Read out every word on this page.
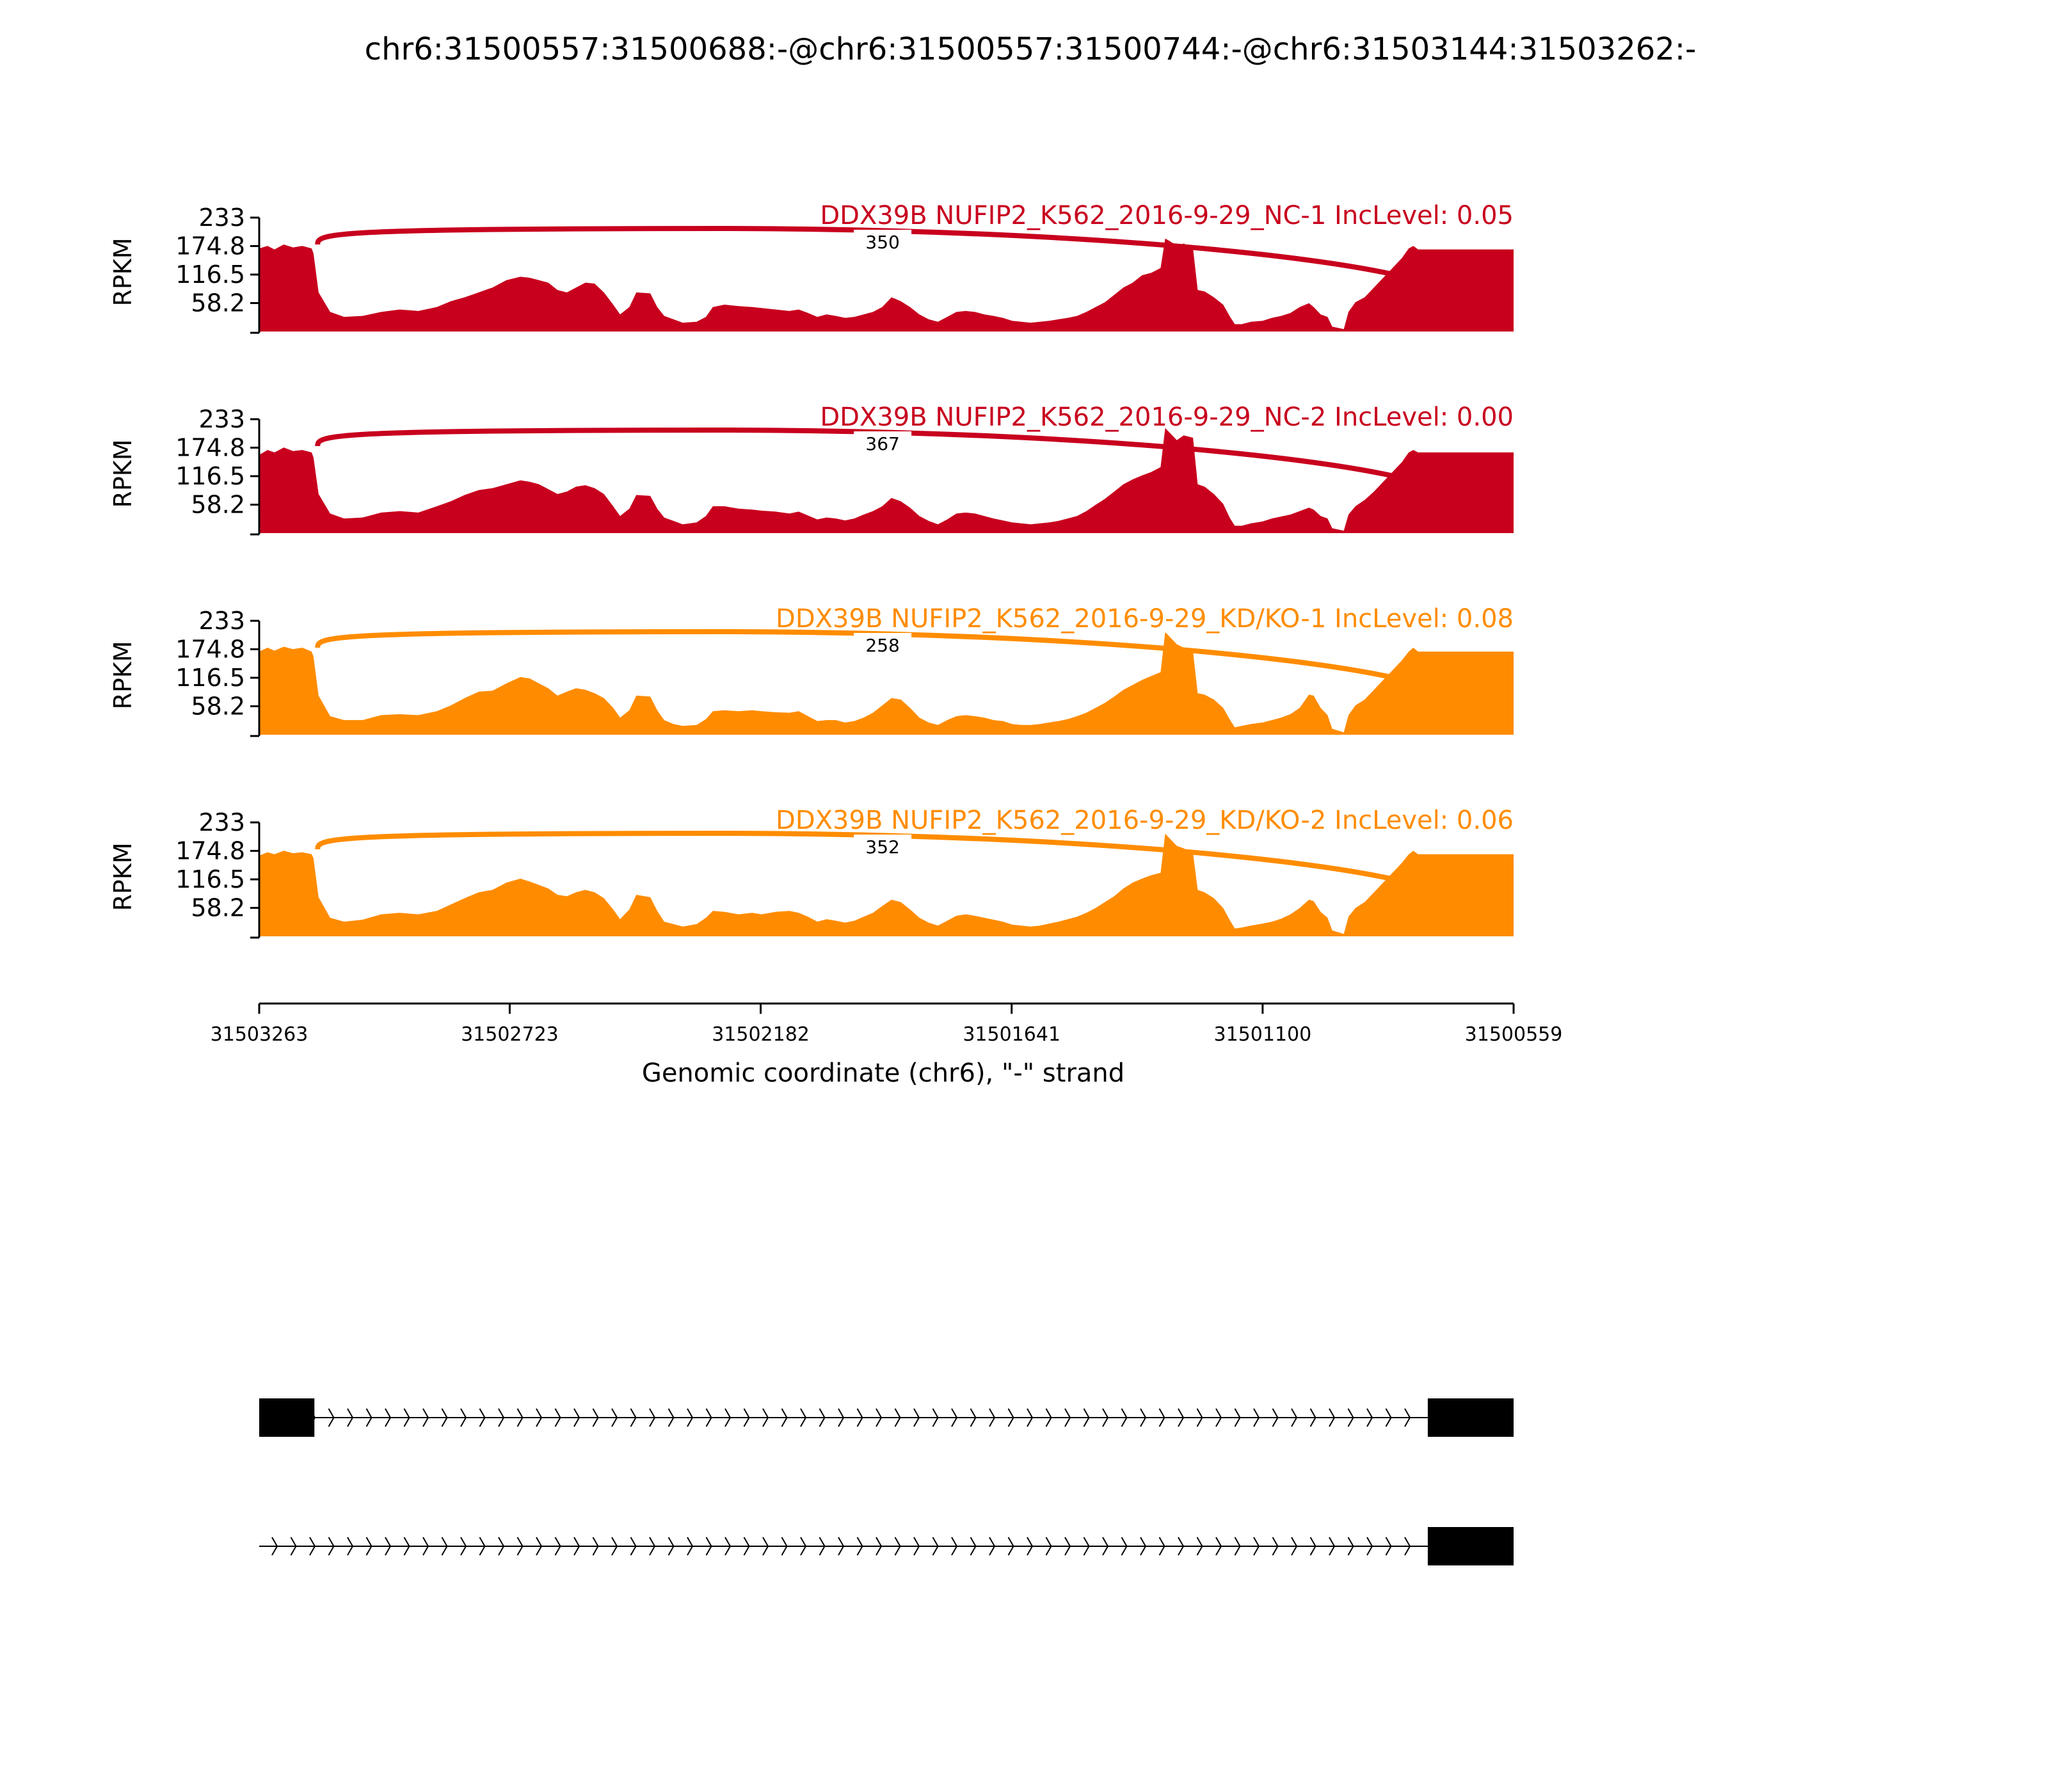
chr6:31500557:31500688:-@chr6:31500557:31500744:-@chr6:31503144:31503262:-
350
DDX39B NUFIP2_K562_2016-9-29_NC-1 IncLevel: 0.05
58.2
116.5
174.8
233
RPKM
367
DDX39B NUFIP2_K562_2016-9-29_NC-2 IncLevel: 0.00
58.2
116.5
174.8
233
RPKM
258
DDX39B NUFIP2_K562_2016-9-29_KD/KO-1 IncLevel: 0.08
58.2
116.5
174.8
233
RPKM
352
DDX39B NUFIP2_K562_2016-9-29_KD/KO-2 IncLevel: 0.06
58.2
116.5
174.8
233
RPKM
31503263	31502723	31502182	31501641	31501100	31500559
Genomic coordinate (chr6), "-" strand
